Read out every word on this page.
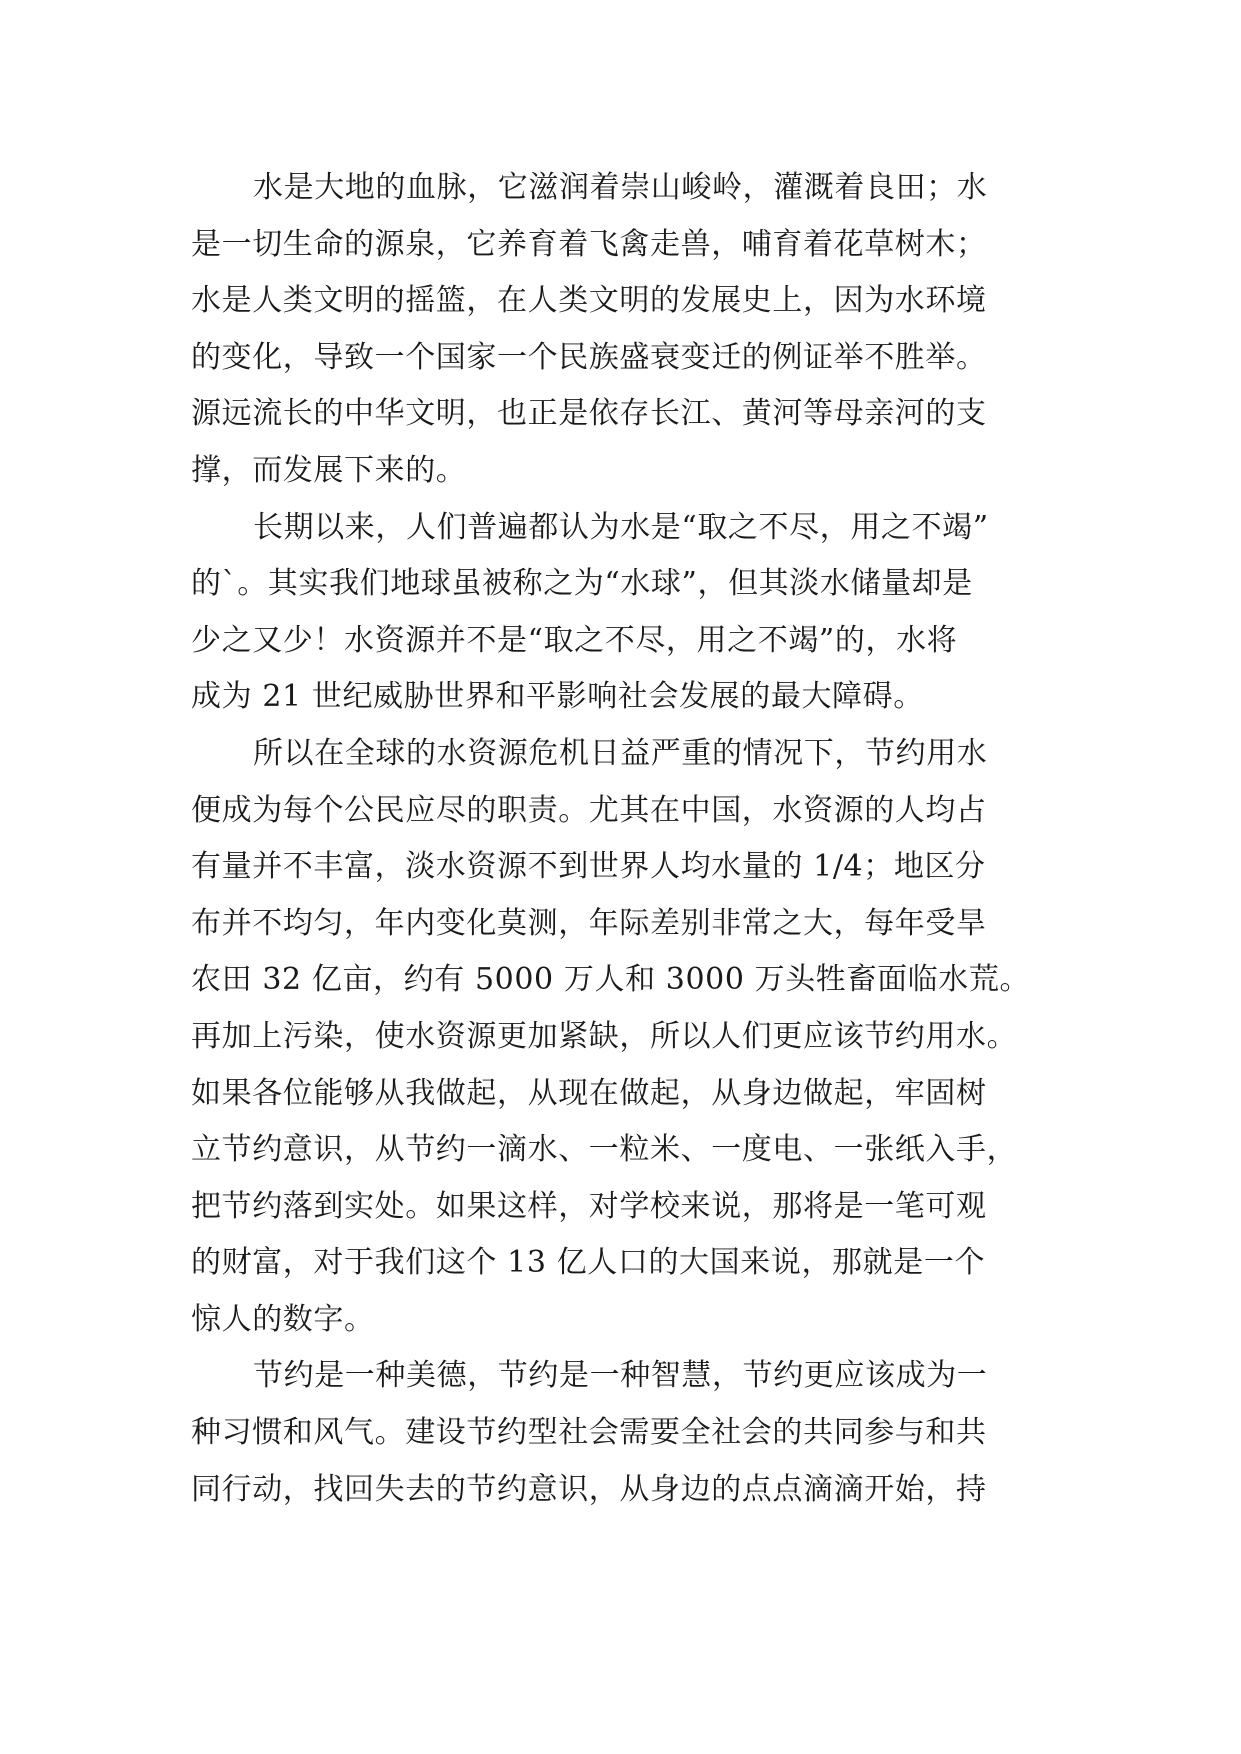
水是大地的血脉，它滋润着崇山峻岭，灌溉着良田；水
是一切生命的源泉，它养育着飞禽走兽，哺育着花草树木；
水是人类文明的摇篮，在人类文明的发展史上，因为水环境
的变化，导致一个国家一个民族盛衰变迁的例证举不胜举。
源远流长的中华文明，也正是依存长江、黄河等母亲河的支
撑，而发展下来的。
长期以来，人们普遍都认为水是“取之不尽，用之不竭”
的`。其实我们地球虽被称之为“水球”，但其淡水储量却是
少之又少！水资源并不是“取之不尽，用之不竭”的，水将
成为 21 世纪威胁世界和平影响社会发展的最大障碍。
所以在全球的水资源危机日益严重的情况下，节约用水
便成为每个公民应尽的职责。尤其在中国，水资源的人均占
有量并不丰富，淡水资源不到世界人均水量的 1/4；地区分
布并不均匀，年内变化莫测，年际差别非常之大，每年受旱
农田 32 亿亩，约有 5000 万人和 3000 万头牲畜面临水荒。
再加上污染，使水资源更加紧缺，所以人们更应该节约用水。
如果各位能够从我做起，从现在做起，从身边做起，牢固树
立节约意识，从节约一滴水、一粒米、一度电、一张纸入手，
把节约落到实处。如果这样，对学校来说，那将是一笔可观
的财富，对于我们这个 13 亿人口的大国来说，那就是一个
惊人的数字。
节约是一种美德，节约是一种智慧，节约更应该成为一
种习惯和风气。建设节约型社会需要全社会的共同参与和共
同行动，找回失去的节约意识，从身边的点点滴滴开始，持
